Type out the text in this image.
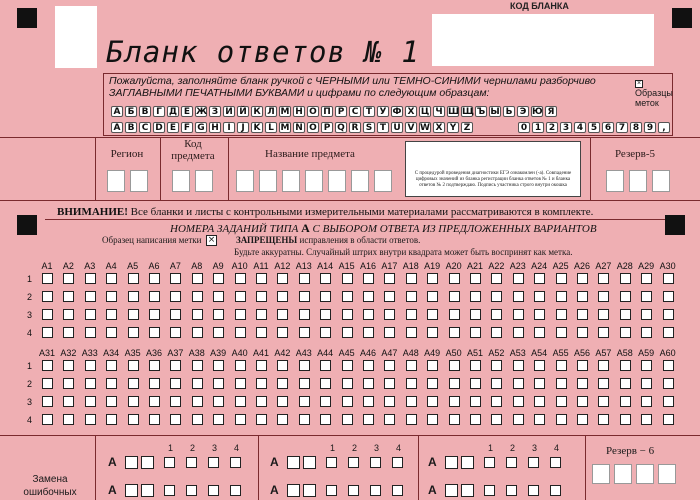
КОД БЛАНКА
Бланк ответов № 1
Пожалуйста, заполняйте бланк ручкой с ЧЕРНЫМИ или ТЕМНО-СИНИМИ чернилами разборчиво ЗАГЛАВНЫМИ ПЕЧАТНЫМИ БУКВАМИ и цифрами по следующим образцам:
× Образцы меток
А Б В Г Д Е Ж З И Й К Л М Н О П Р С Т У Ф Х Ц Ч Ш Щ Ъ Ы Ь Э Ю Я
A B C D E F G H I J K L M N O P Q R S T U V W X Y Z	0 1 2 3 4 5 6 7 8 9 ,
Регион
Код предмета	Название предмета
С процедурой проведения диагностики ЕГЭ ознакомлен (-а). Совпадение цифровых значений из бланка регистрации бланка ответов № 1 и бланка ответов № 2 подтверждаю. Подпись участника строго внутри окошка
Резерв-5
ВНИМАНИЕ! Все бланки и листы с контрольными измерительными материалами рассматриваются в комплекте.
НОМЕРА ЗАДАНИЙ ТИПА А С ВЫБОРОМ ОТВЕТА ИЗ ПРЕДЛОЖЕННЫХ ВАРИАНТОВ
Образец написания метки × ЗАПРЕЩЕНЫ исправления в области ответов.
Будьте аккуратны. Случайный штрих внутри квадрата может быть воспринят как метка.
A1	A2	A3	A4	A5	A6	A7	A8	A9 A10 A11 A12 A13 A14 A15 A16 A17 A18 A19 A20 A21 A22 A23 A24 A25 A26 A27 A28 A29 A30
1
2
3
4
A31 A32 A33 A34 A35 A36 A37 A38 A39 A40 A41 A42 A43 A44 A45 A46 A47 A48 A49 A50 A51 A52 A53 A54 A55 A56 A57 A58 A59 A60
1
2
3
4
Замена ошибочных
1 2 3 4
А
А
1 2 3 4
А
А
1 2 3 4
А
А
Резерв − 6
